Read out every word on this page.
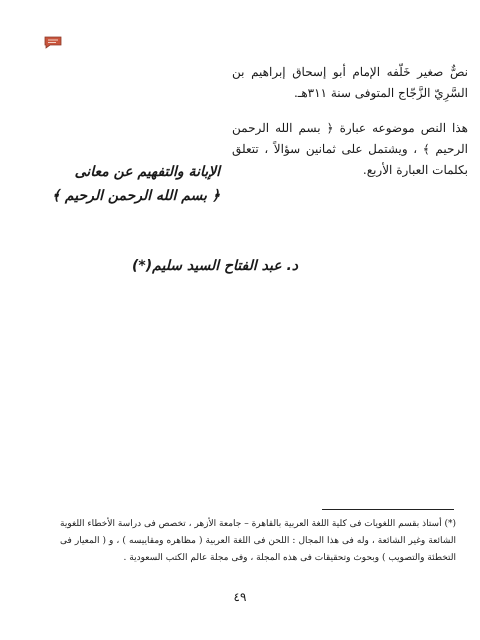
نصٌّ صغير خَلّفه الإمام أبو إسحاق إبراهيم بن السَّرِيّ الزَّجّاج المتوفى سنة ٣١١هـ.

هذا النص موضوعه عبارة ﴿ بسم الله الرحمن الرحيم ﴾ ، ويشتمل على ثمانين سؤالاً ، تتعلق بكلمات العبارة الأربع.

الإبانة والتفهيم عن معانى
﴿ بسم الله الرحمن الرحيم ﴾
د. عبد الفتاح السيد سليم(*)

(*) أستاذ بقسم اللغويات فى كلية اللغة العربية بالقاهرة – جامعة الأزهر ، تخصص فى دراسة الأخطاء اللغوية الشائعة وغير الشائعة ، وله فى هذا المجال : اللحن فى اللغة العربية ( مظاهره ومقاييسه ) ، و ( المعيار فى التخطئة والتصويب ) وبحوث وتحقيقات فى هذه المجلة ، وفى مجلة عالم الكتب السعودية .

٤٩
